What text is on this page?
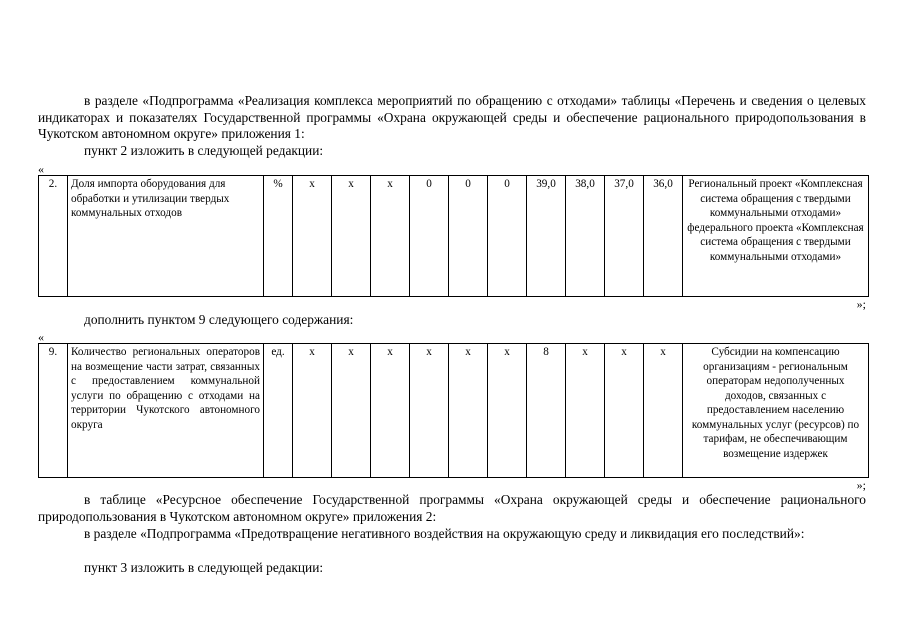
в разделе «Подпрограмма «Реализация комплекса мероприятий по обращению с отходами» таблицы «Перечень и сведения о целевых индикаторах и показателях Государственной программы «Охрана окружающей среды и обеспечение рационального природопользования в Чукотском автономном округе» приложения 1:
пункт 2 изложить в следующей редакции:
«
2.	Доля импорта оборудования для обработки и утилизации твердых коммунальных отходов	%	х	х	х	0	0	0	39,0	38,0	37,0	36,0	Региональный проект «Комплексная система обращения с твердыми коммунальными отходами» федерального проекта «Комплексная система обращения с твердыми коммунальными отходами»
»;
дополнить пунктом 9 следующего содержания:
«
9.	Количество региональных операторов на возмещение части затрат, связанных с предоставлением коммунальной услуги по обращению с отходами на территории Чукотского автономного округа	ед.	х	х	х	х	х	х	8	х	х	х	Субсидии на компенсацию организациям - региональным операторам недополученных доходов, связанных с предоставлением населению коммунальных услуг (ресурсов) по тарифам, не обеспечивающим возмещение издержек
»;
в таблице «Ресурсное обеспечение Государственной программы «Охрана окружающей среды и обеспечение рационального природопользования в Чукотском автономном округе» приложения 2:
в разделе «Подпрограмма «Предотвращение негативного воздействия на окружающую среду и ликвидация его последствий»:
пункт 3 изложить в следующей редакции:
